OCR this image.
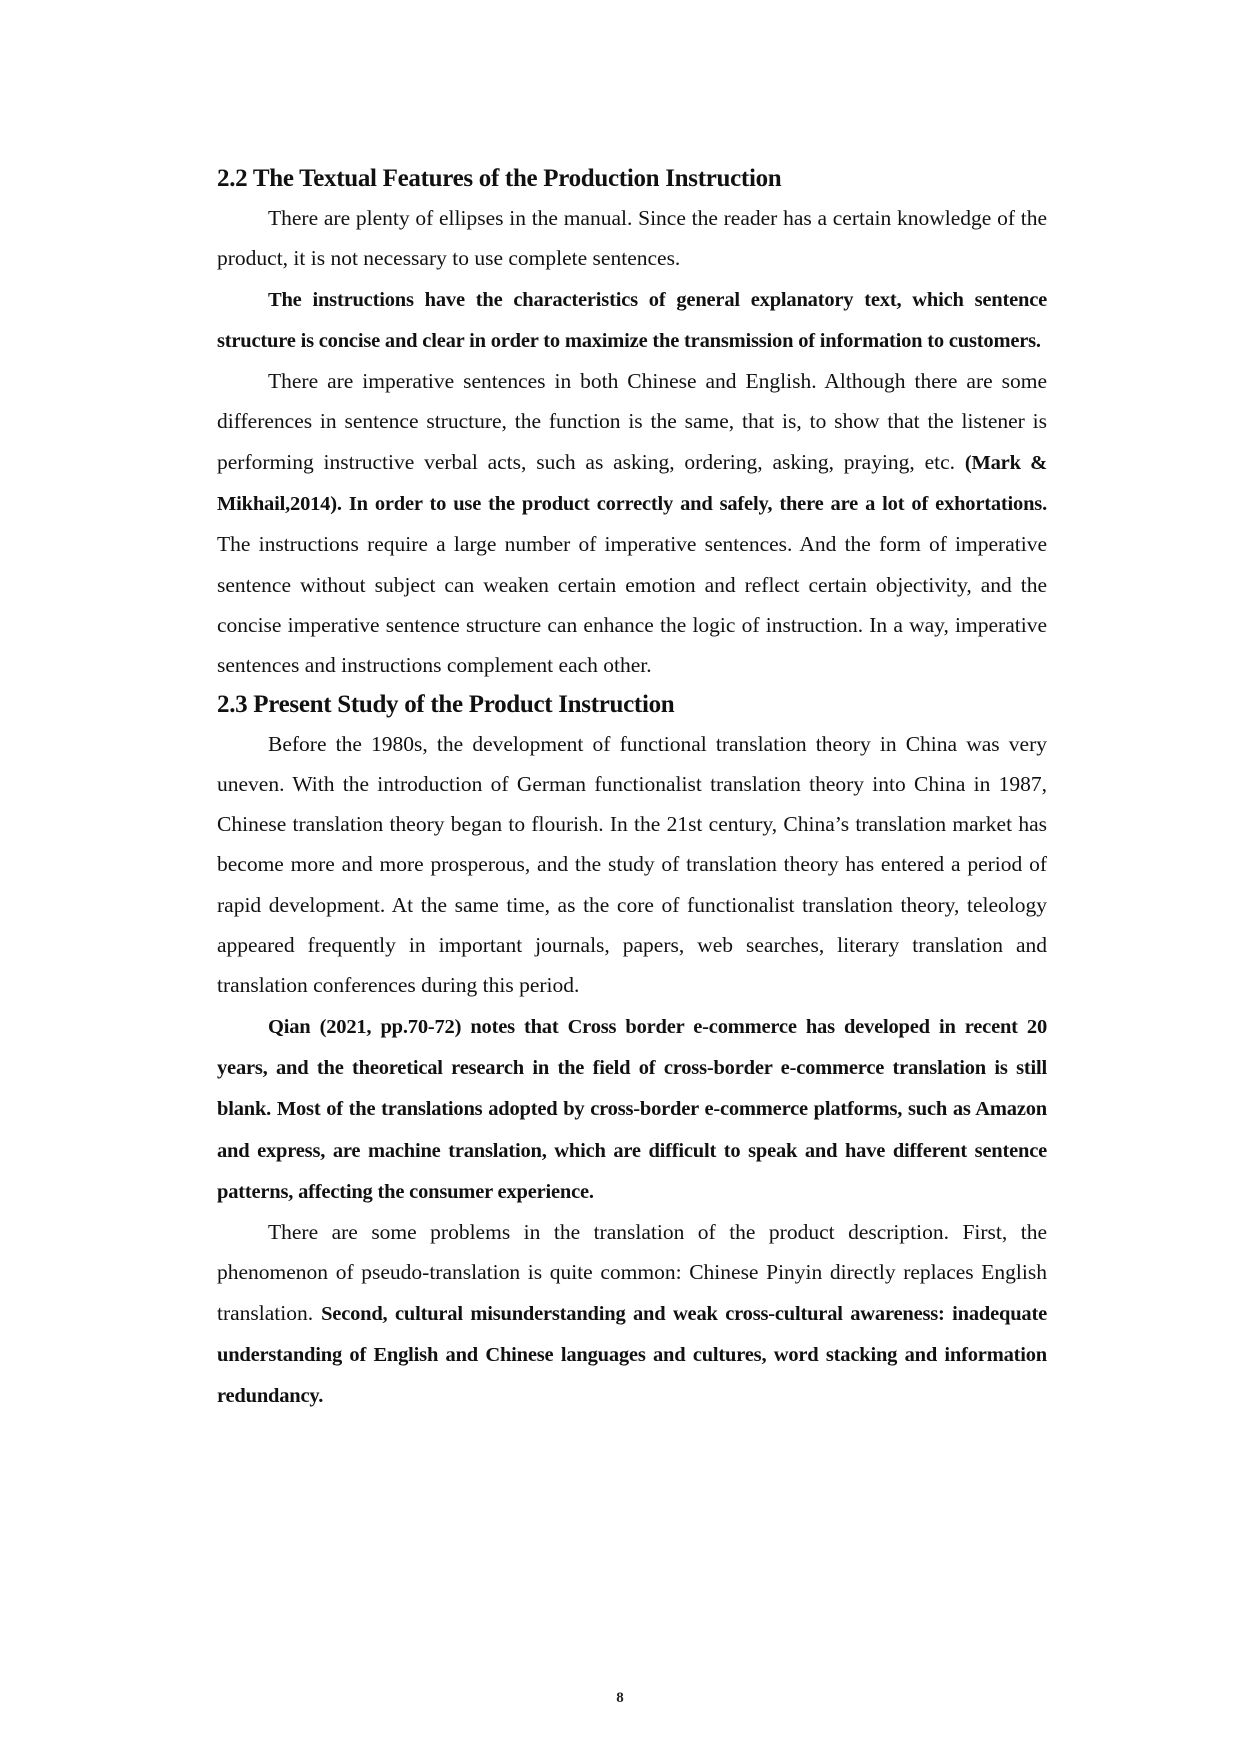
2.2 The Textual Features of the Production Instruction

There are plenty of ellipses in the manual. Since the reader has a certain knowledge of the product, it is not necessary to use complete sentences.

The instructions have the characteristics of general explanatory text, which sentence structure is concise and clear in order to maximize the transmission of information to customers.

There are imperative sentences in both Chinese and English. Although there are some differences in sentence structure, the function is the same, that is, to show that the listener is performing instructive verbal acts, such as asking, ordering, asking, praying, etc. (Mark & Mikhail,2014). In order to use the product correctly and safely, there are a lot of exhortations. The instructions require a large number of imperative sentences. And the form of imperative sentence without subject can weaken certain emotion and reflect certain objectivity, and the concise imperative sentence structure can enhance the logic of instruction. In a way, imperative sentences and instructions complement each other.

2.3 Present Study of the Product Instruction

Before the 1980s, the development of functional translation theory in China was very uneven. With the introduction of German functionalist translation theory into China in 1987, Chinese translation theory began to flourish. In the 21st century, China’s translation market has become more and more prosperous, and the study of translation theory has entered a period of rapid development. At the same time, as the core of functionalist translation theory, teleology appeared frequently in important journals, papers, web searches, literary translation and translation conferences during this period.

Qian (2021, pp.70-72) notes that Cross border e-commerce has developed in recent 20 years, and the theoretical research in the field of cross-border e-commerce translation is still blank. Most of the translations adopted by cross-border e-commerce platforms, such as Amazon and express, are machine translation, which are difficult to speak and have different sentence patterns, affecting the consumer experience.

There are some problems in the translation of the product description. First, the phenomenon of pseudo-translation is quite common: Chinese Pinyin directly replaces English translation. Second, cultural misunderstanding and weak cross-cultural awareness: inadequate understanding of English and Chinese languages and cultures, word stacking and information redundancy.

8
